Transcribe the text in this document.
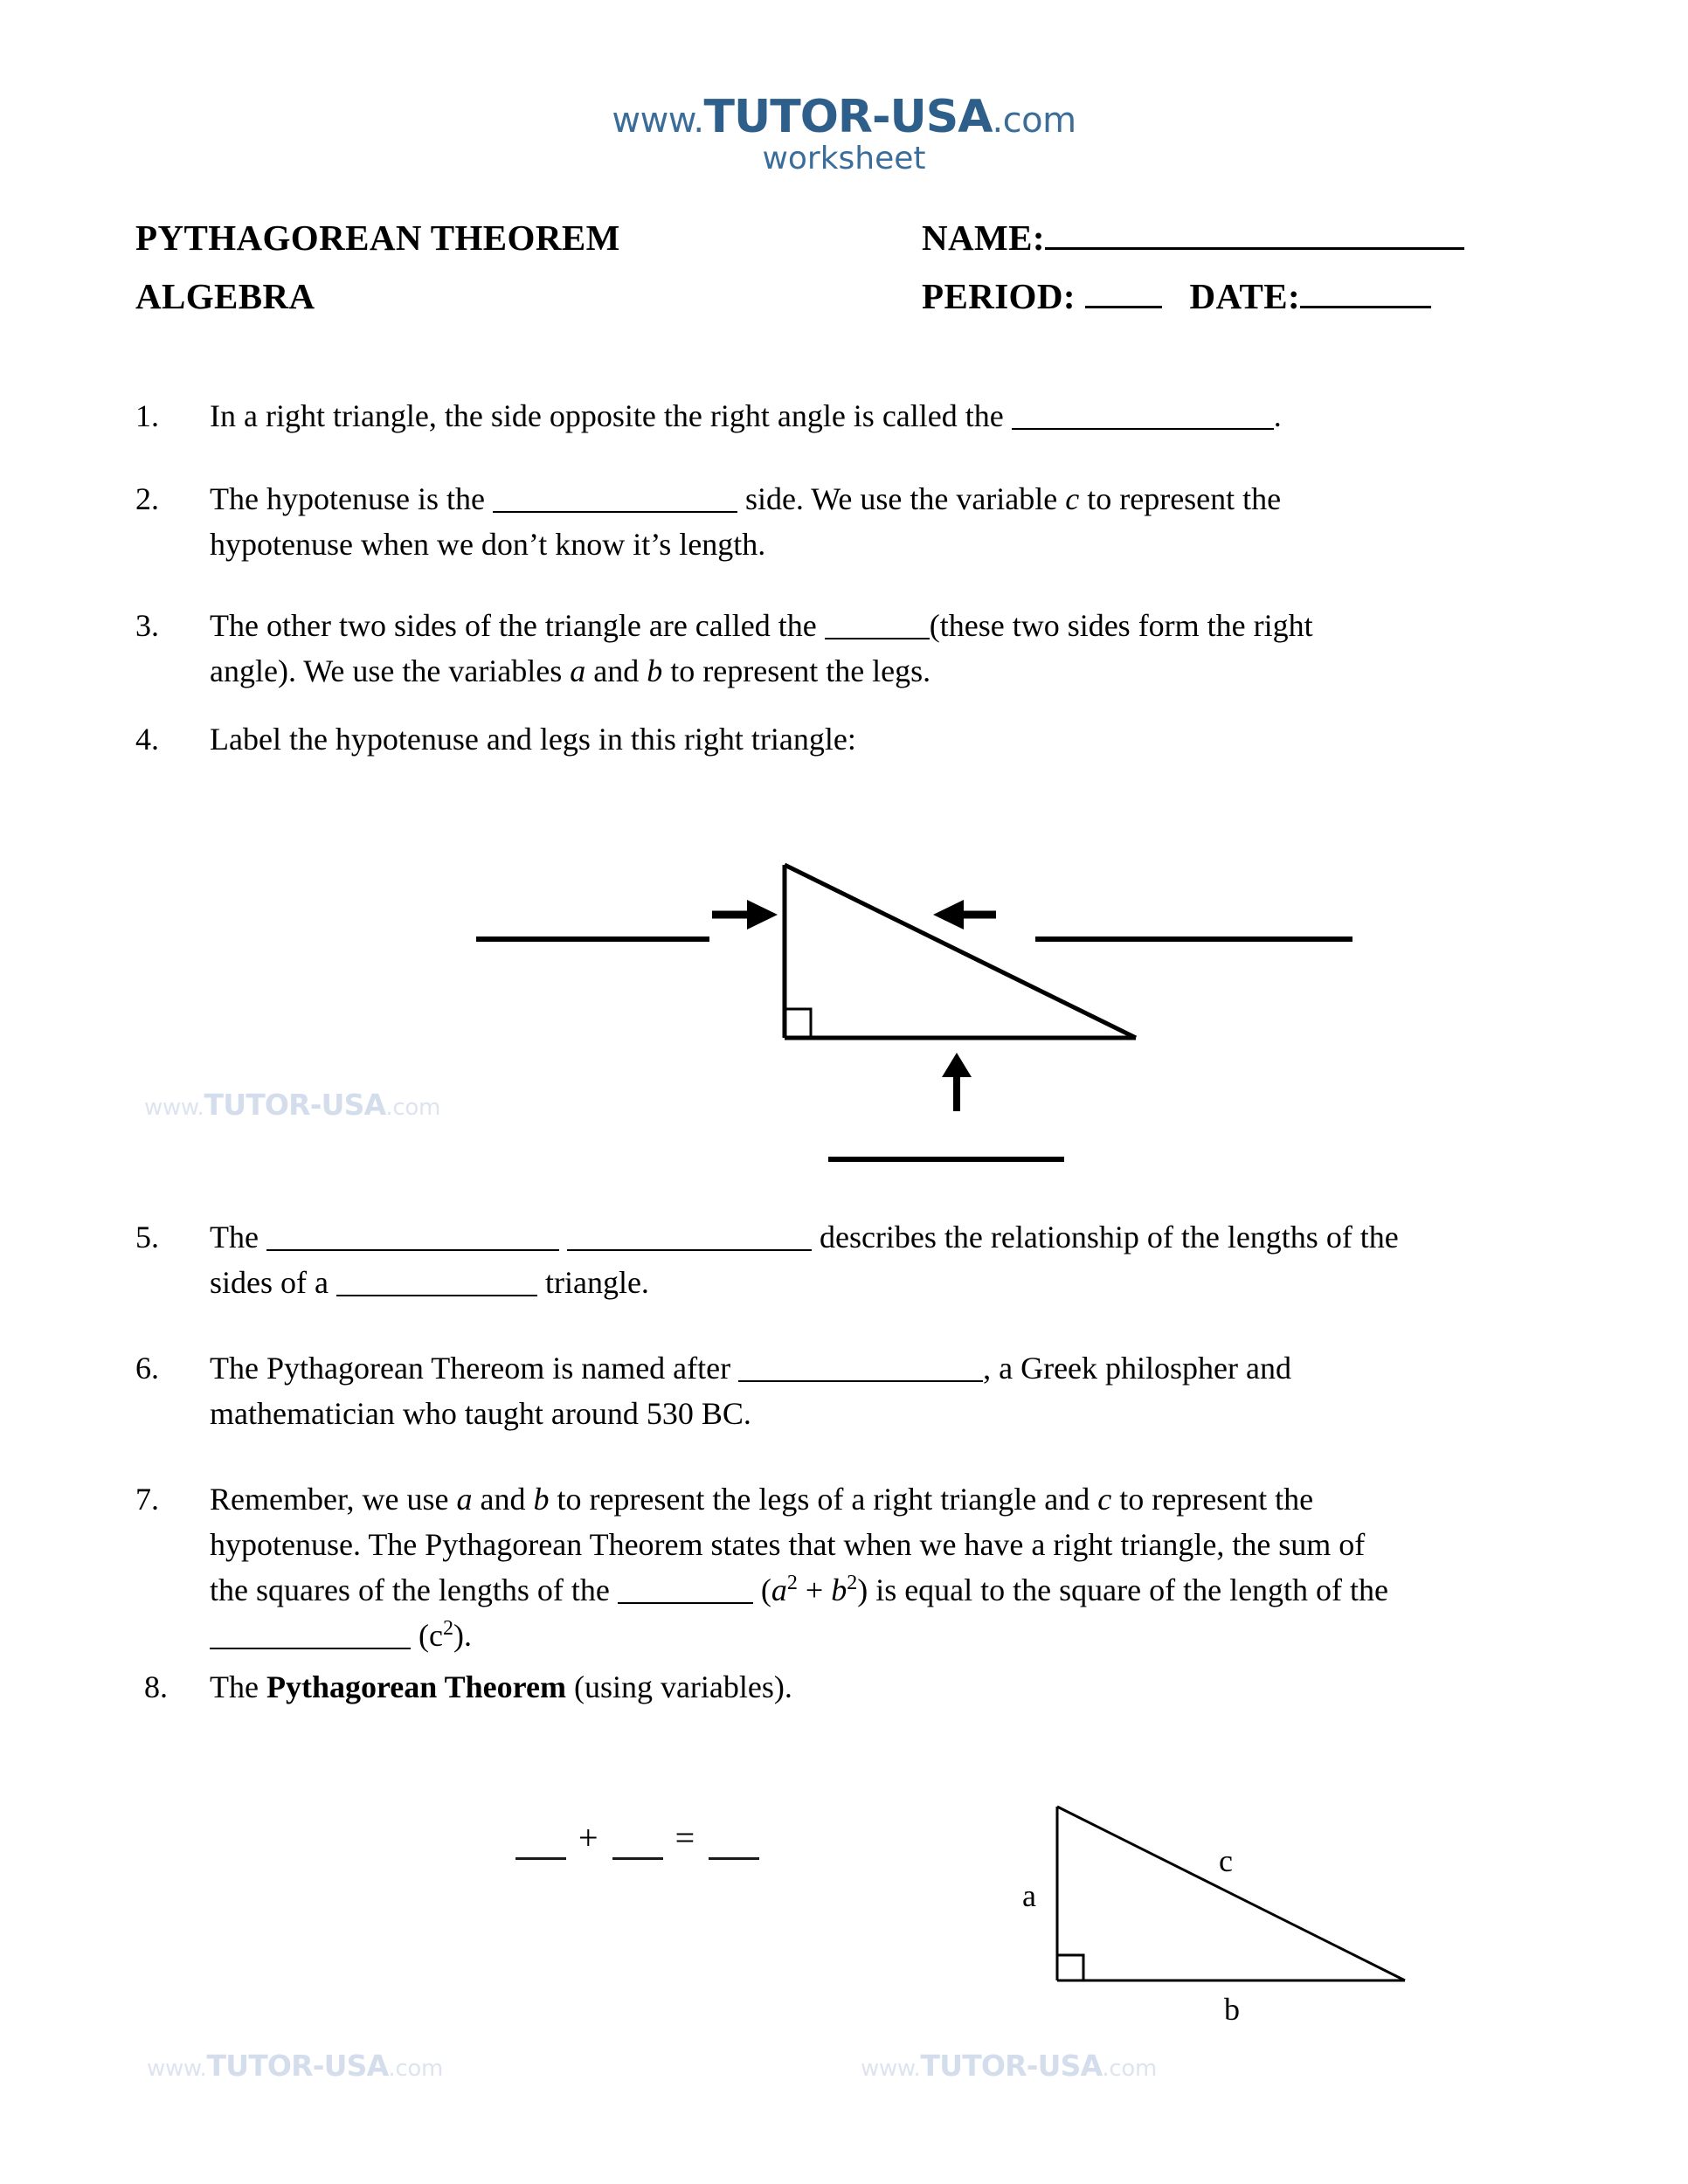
www.TUTOR-USA.com
worksheet
PYTHAGOREAN THEOREM
ALGEBRA
NAME:
PERIOD:	DATE:
1.	In a right triangle, the side opposite the right angle is called the	.
2.	The hypotenuse is the	side. We use the variable c to represent the
hypotenuse when we don’t know it’s length.
3.	The other two sides of the triangle are called the	(these two sides form the right
angle). We use the variables a and b to represent the legs.
4.	Label the hypotenuse and legs in this right triangle:
5.	The	describes the relationship of the lengths of the
sides of a	triangle.
6.	The Pythagorean Thereom is named after	, a Greek philospher and
mathematician who taught around 530 BC.
7.	Remember, we use a and b to represent the legs of a right triangle and c to represent the
hypotenuse. The Pythagorean Theorem states that when we have a right triangle, the sum of
the squares of the lengths of the	$(a^2 + b^2)$ is equal to the square of the length of the
$(c^2)$.
8.	The Pythagorean Theorem (using variables).
+ =
a
b
c
www.TUTOR-USA.com
www.TUTOR-USA.com	www.TUTOR-USA.com
